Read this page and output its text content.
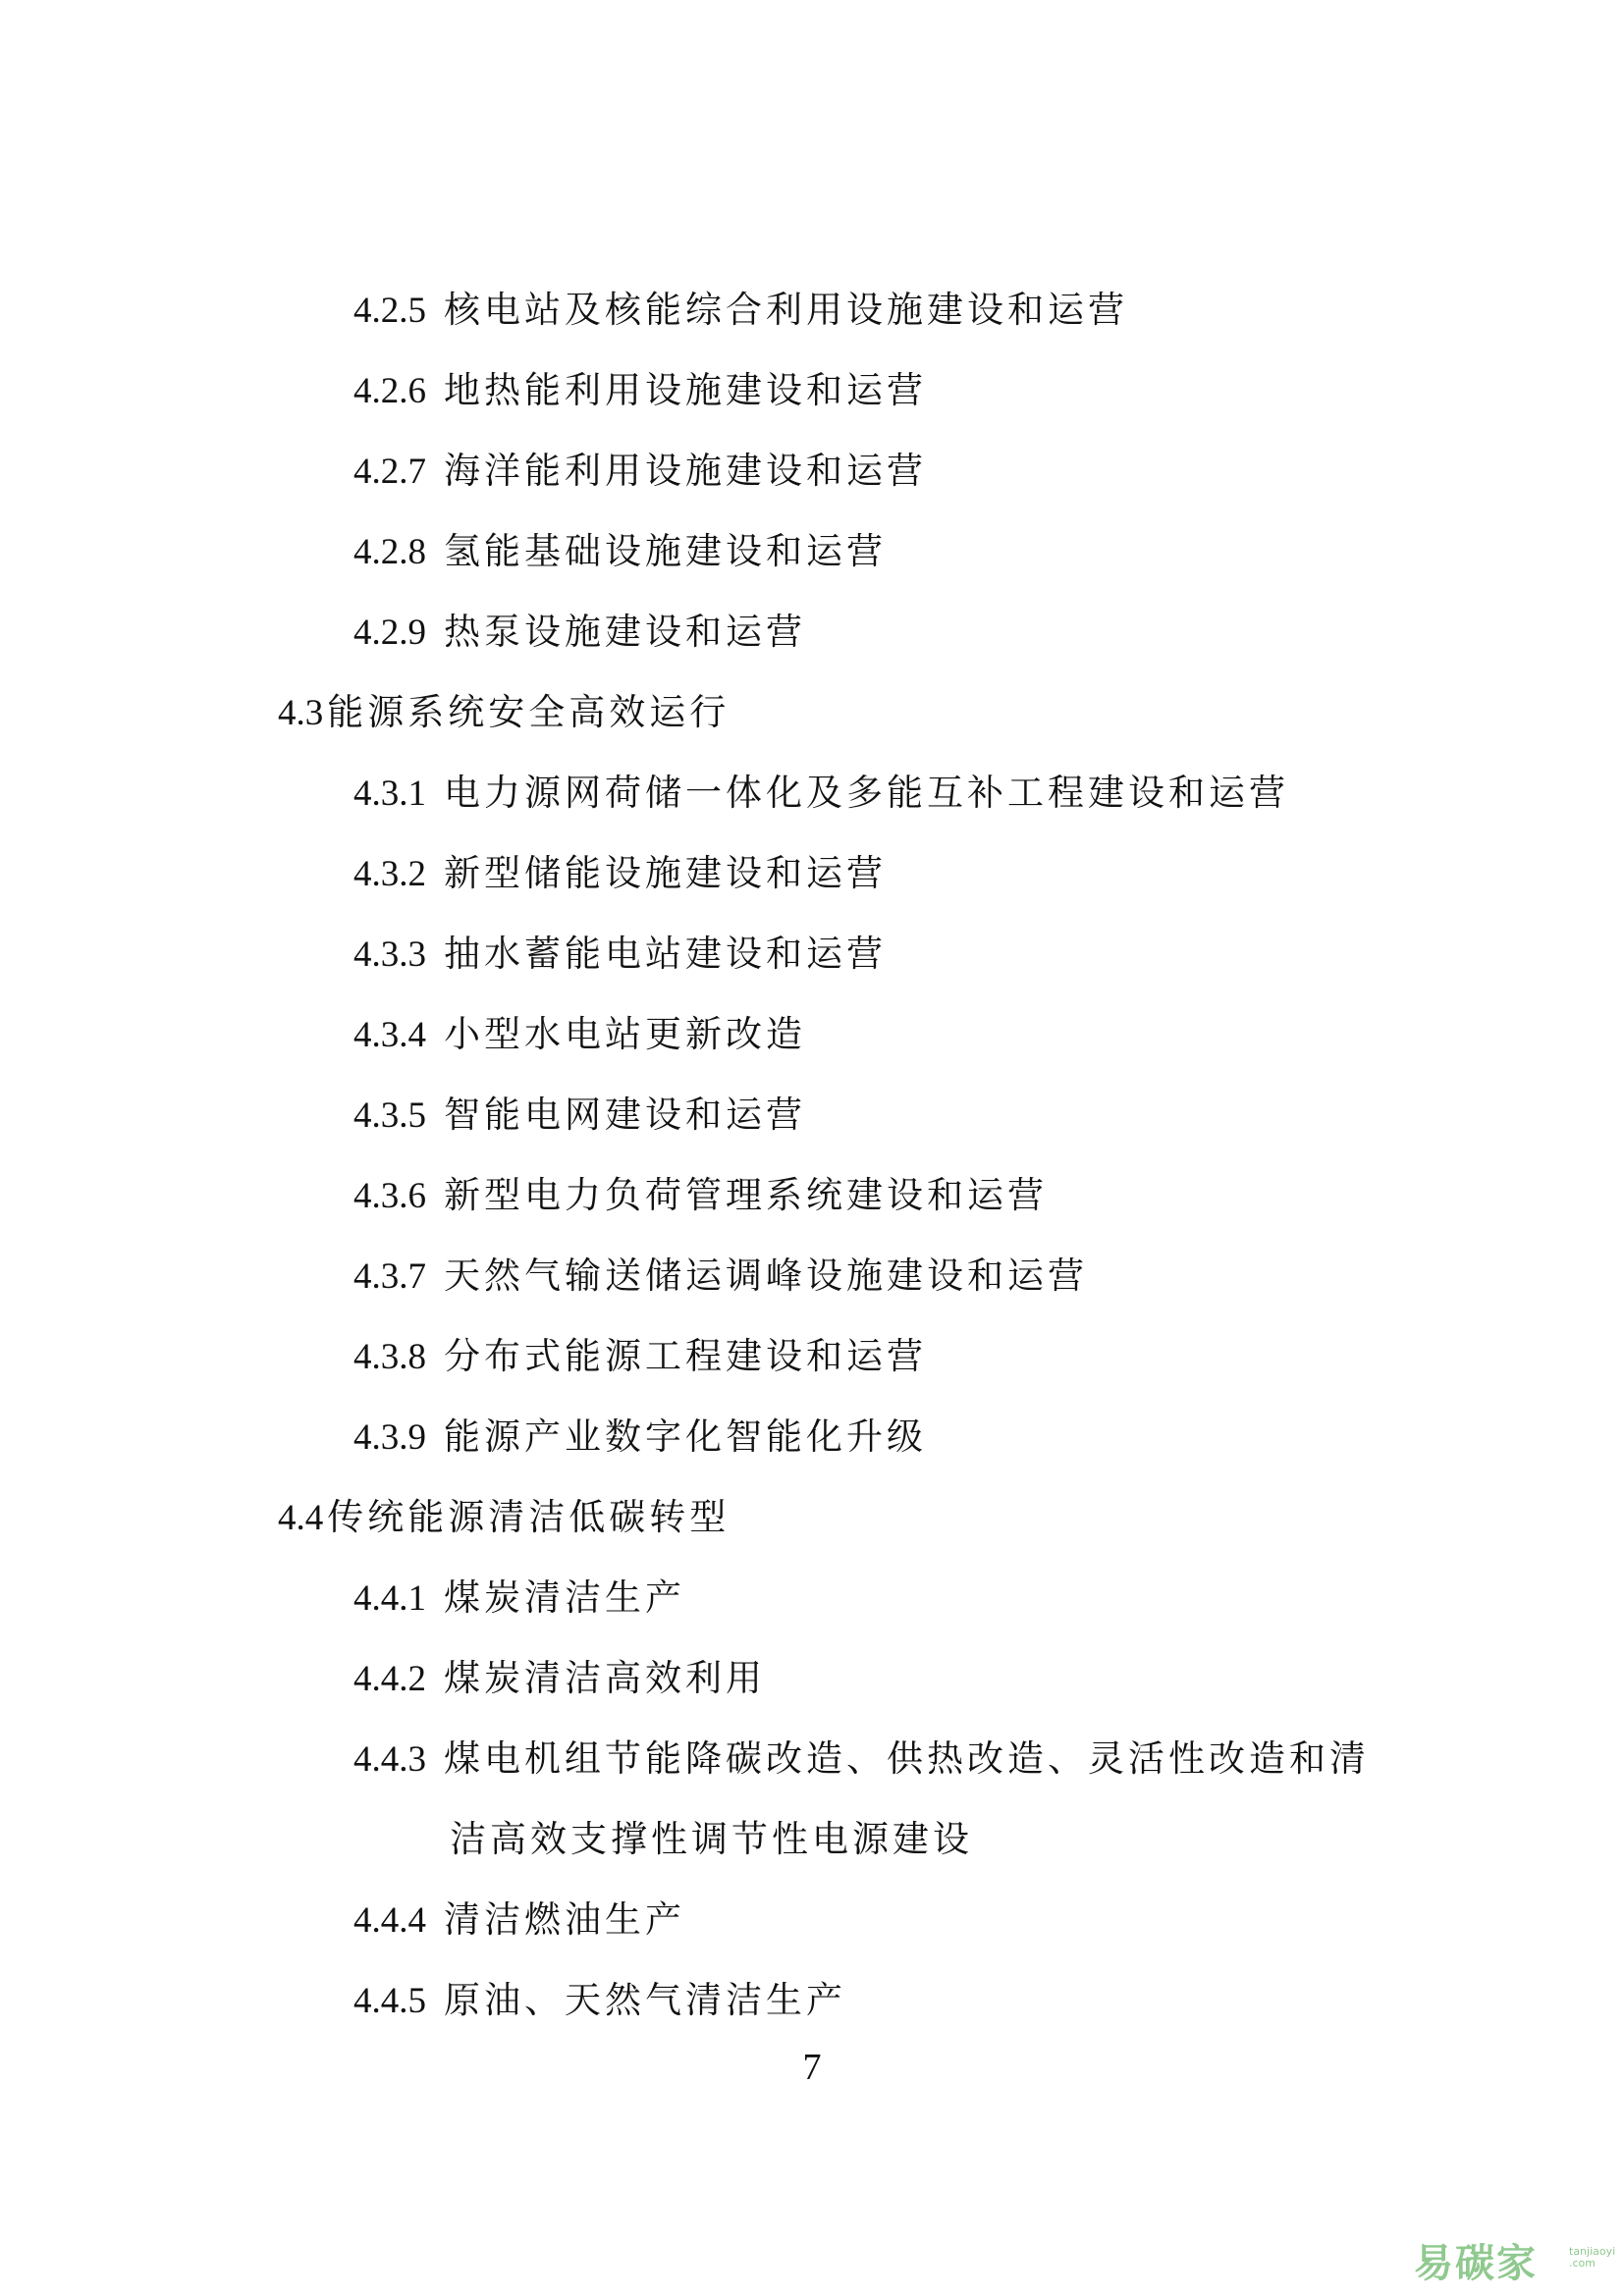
4.2.5 核电站及核能综合利用设施建设和运营
4.2.6 地热能利用设施建设和运营
4.2.7 海洋能利用设施建设和运营
4.2.8 氢能基础设施建设和运营
4.2.9 热泵设施建设和运营
4.3 能源系统安全高效运行
4.3.1 电力源网荷储一体化及多能互补工程建设和运营
4.3.2 新型储能设施建设和运营
4.3.3 抽水蓄能电站建设和运营
4.3.4 小型水电站更新改造
4.3.5 智能电网建设和运营
4.3.6 新型电力负荷管理系统建设和运营
4.3.7 天然气输送储运调峰设施建设和运营
4.3.8 分布式能源工程建设和运营
4.3.9 能源产业数字化智能化升级
4.4 传统能源清洁低碳转型
4.4.1 煤炭清洁生产
4.4.2 煤炭清洁高效利用
4.4.3 煤电机组节能降碳改造、供热改造、灵活性改造和清
洁高效支撑性调节性电源建设
4.4.4 清洁燃油生产
4.4.5 原油、天然气清洁生产
7
易碳家	tanjiaoyi
.com
